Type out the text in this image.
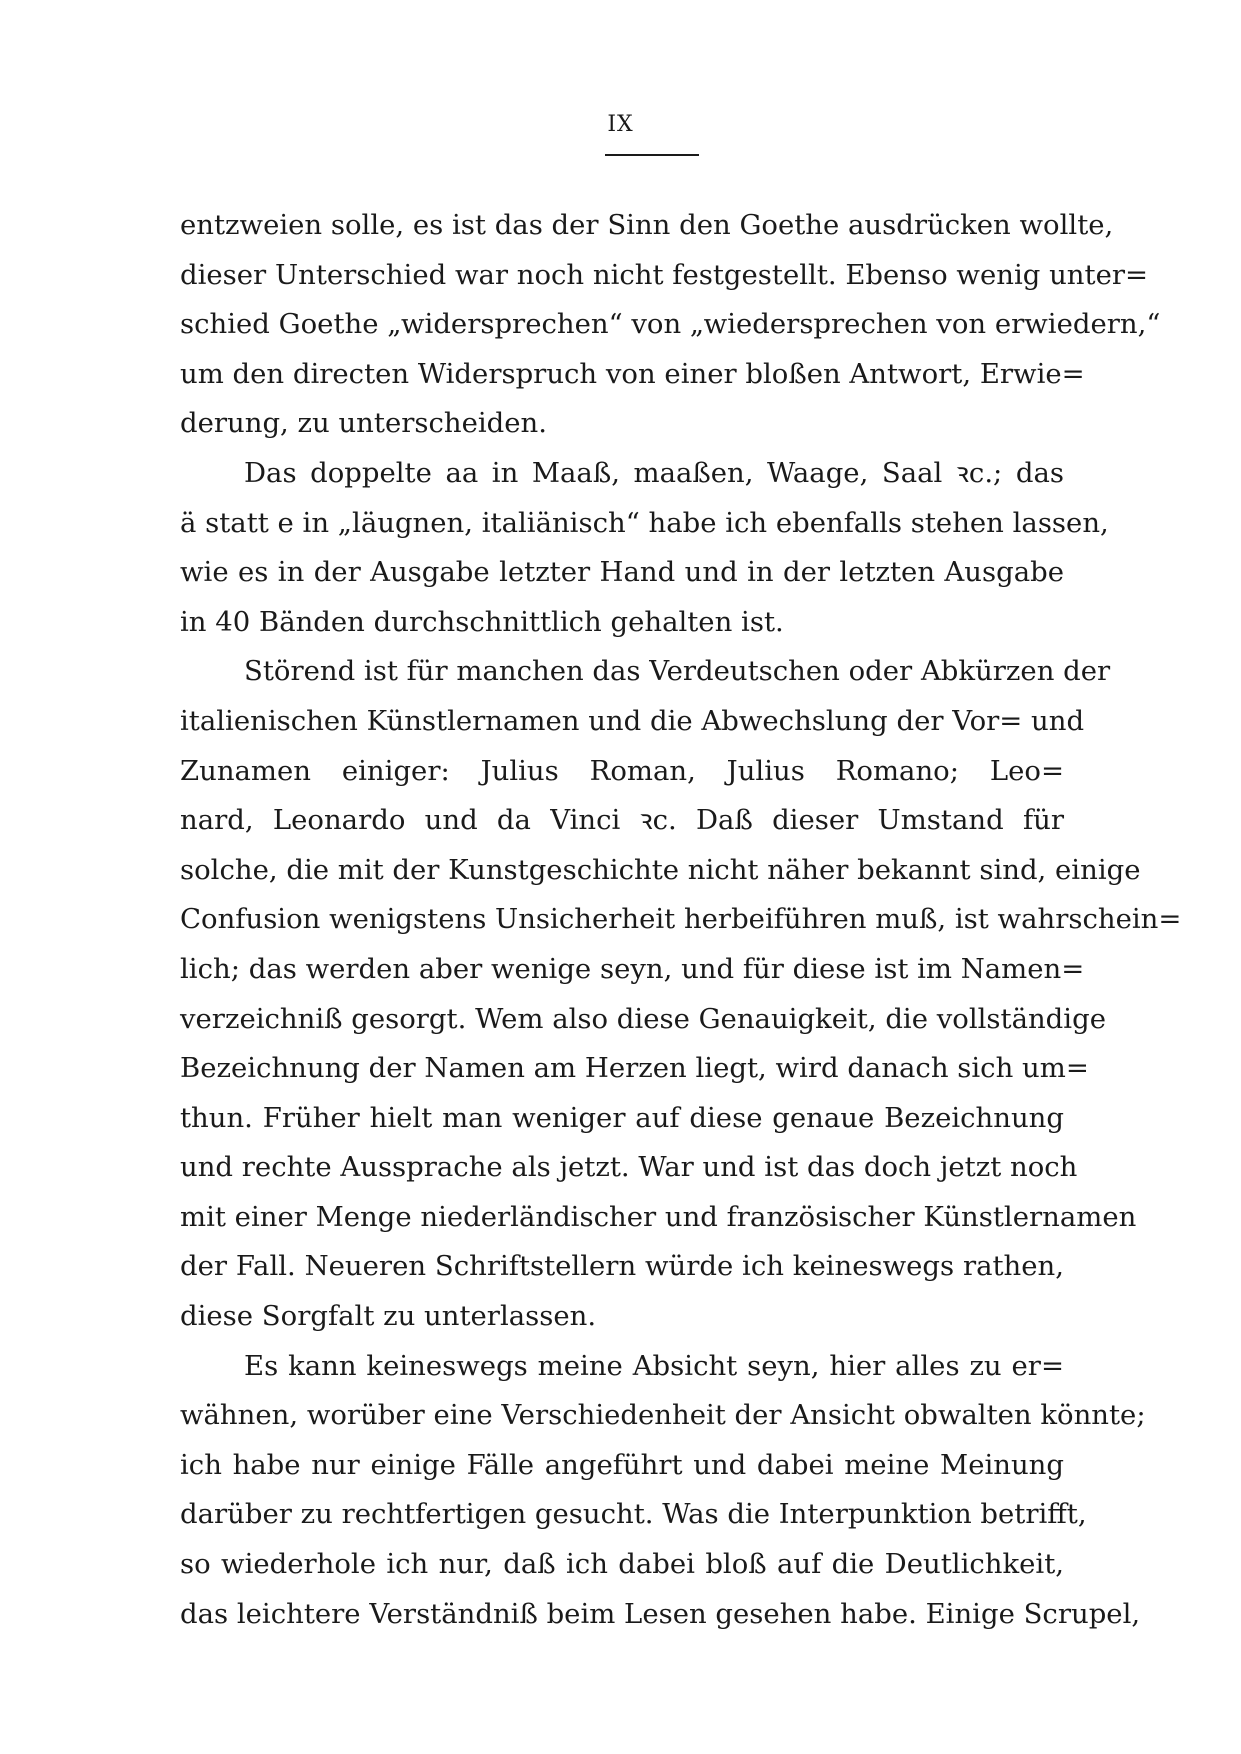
IX
entzweien solle, es ist das der Sinn den Goethe ausdrücken wollte,
dieser Unterschied war noch nicht festgestellt. Ebenso wenig unter=
schied Goethe „widersprechen“ von „wiedersprechen von erwiedern,“
um den directen Widerspruch von einer bloßen Antwort, Erwie=
derung, zu unterscheiden.
Das doppelte aa in Maaß, maaßen, Waage, Saal ꝛc.; das
ä statt e in „läugnen, italiänisch“ habe ich ebenfalls stehen lassen,
wie es in der Ausgabe letzter Hand und in der letzten Ausgabe
in 40 Bänden durchschnittlich gehalten ist.
Störend ist für manchen das Verdeutschen oder Abkürzen der
italienischen Künstlernamen und die Abwechslung der Vor= und
Zunamen einiger: Julius Roman, Julius Romano; Leo=
nard, Leonardo und da Vinci ꝛc. Daß dieser Umstand für
solche, die mit der Kunstgeschichte nicht näher bekannt sind, einige
Confusion wenigstens Unsicherheit herbeiführen muß, ist wahrschein=
lich; das werden aber wenige seyn, und für diese ist im Namen=
verzeichniß gesorgt. Wem also diese Genauigkeit, die vollständige
Bezeichnung der Namen am Herzen liegt, wird danach sich um=
thun. Früher hielt man weniger auf diese genaue Bezeichnung
und rechte Aussprache als jetzt. War und ist das doch jetzt noch
mit einer Menge niederländischer und französischer Künstlernamen
der Fall. Neueren Schriftstellern würde ich keineswegs rathen,
diese Sorgfalt zu unterlassen.
Es kann keineswegs meine Absicht seyn, hier alles zu er=
wähnen, worüber eine Verschiedenheit der Ansicht obwalten könnte;
ich habe nur einige Fälle angeführt und dabei meine Meinung
darüber zu rechtfertigen gesucht. Was die Interpunktion betrifft,
so wiederhole ich nur, daß ich dabei bloß auf die Deutlichkeit,
das leichtere Verständniß beim Lesen gesehen habe. Einige Scrupel,
